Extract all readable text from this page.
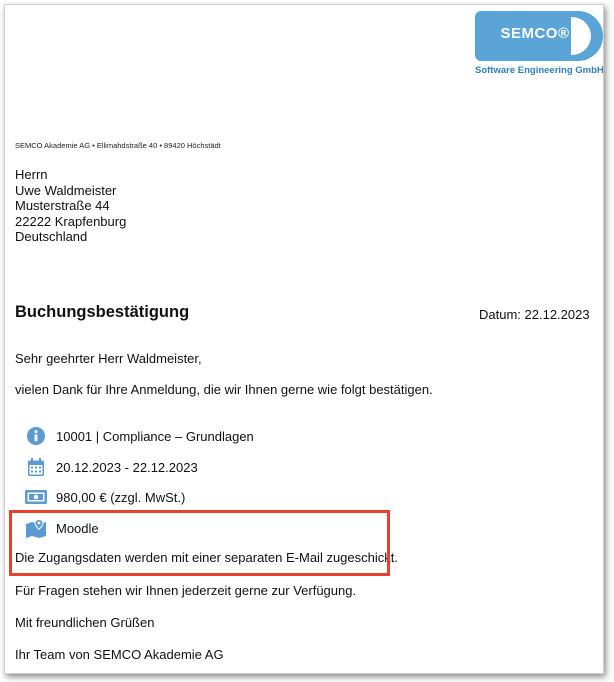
SEMCO®
Software Engineering GmbH
SEMCO Akademie AG • Ellimahdstraße 40 • 89420 Höchstädt
Herrn
Uwe Waldmeister
Musterstraße 44
22222 Krapfenburg
Deutschland
Buchungsbestätigung	Datum: 22.12.2023
Sehr geehrter Herr Waldmeister,
vielen Dank für Ihre Anmeldung, die wir Ihnen gerne wie folgt bestätigen.
10001 | Compliance – Grundlagen
20.12.2023 - 22.12.2023
980,00 € (zzgl. MwSt.)
Moodle
Die Zugangsdaten werden mit einer separaten E-Mail zugeschickt.
Für Fragen stehen wir Ihnen jederzeit gerne zur Verfügung.
Mit freundlichen Grüßen
Ihr Team von SEMCO Akademie AG
